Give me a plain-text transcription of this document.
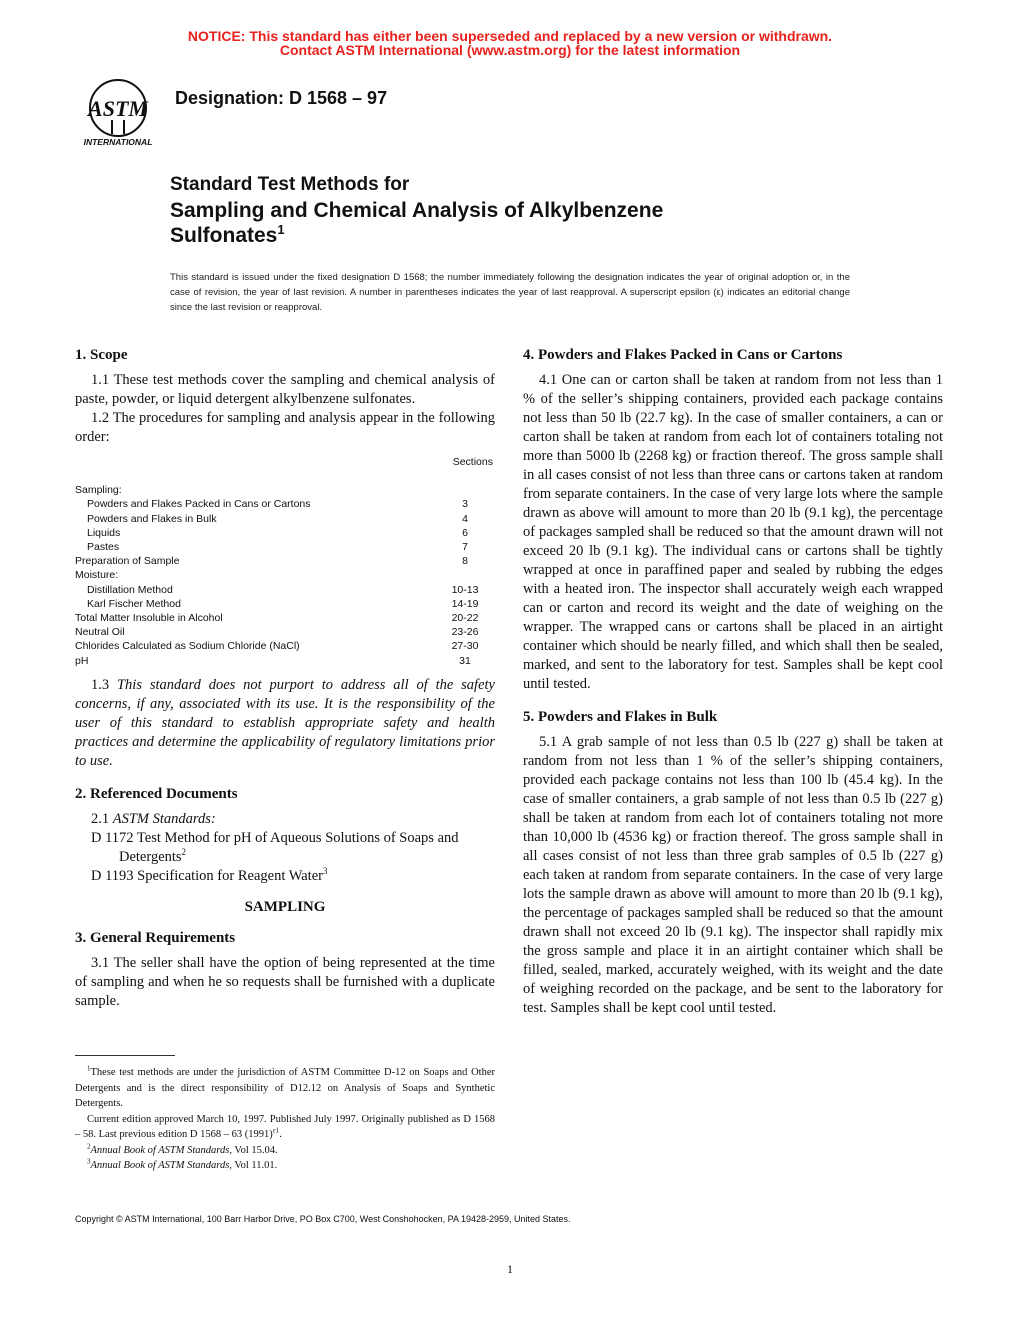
NOTICE: This standard has either been superseded and replaced by a new version or withdrawn.
Contact ASTM International (www.astm.org) for the latest information
ASTM
INTERNATIONAL
Designation: D 1568 – 97
Standard Test Methods for
Sampling and Chemical Analysis of Alkylbenzene
Sulfonates$^1$
This standard is issued under the fixed designation D 1568; the number immediately following the designation indicates the year of original adoption or, in the case of revision, the year of last revision. A number in parentheses indicates the year of last reapproval. A superscript epsilon (ε) indicates an editorial change since the last revision or reapproval.
1. Scope

1.1 These test methods cover the sampling and chemical analysis of paste, powder, or liquid detergent alkylbenzene sulfonates.

1.2 The procedures for sampling and analysis appear in the following order:

Sections
Sampling:
Powders and Flakes Packed in Cans or Cartons	3
Powders and Flakes in Bulk	4
Liquids	6
Pastes	7
Preparation of Sample	8
Moisture:
Distillation Method	10-13
Karl Fischer Method	14-19
Total Matter Insoluble in Alcohol	20-22
Neutral Oil	23-26
Chlorides Calculated as Sodium Chloride (NaCl)	27-30
pH	31

1.3 This standard does not purport to address all of the safety concerns, if any, associated with its use. It is the responsibility of the user of this standard to establish appropriate safety and health practices and determine the applicability of regulatory limitations prior to use.

2. Referenced Documents

2.1 ASTM Standards:

D 1172 Test Method for pH of Aqueous Solutions of Soaps and Detergents$^2$

D 1193 Specification for Reagent Water$^3$

SAMPLING
3. General Requirements

3.1 The seller shall have the option of being represented at the time of sampling and when he so requests shall be furnished with a duplicate sample.

4. Powders and Flakes Packed in Cans or Cartons

4.1 One can or carton shall be taken at random from not less than 1 % of the seller’s shipping containers, provided each package contains not less than 50 lb (22.7 kg). In the case of smaller containers, a can or carton shall be taken at random from each lot of containers totaling not more than 5000 lb (2268 kg) or fraction thereof. The gross sample shall in all cases consist of not less than three cans or cartons taken at random from separate containers. In the case of very large lots where the sample drawn as above will amount to more than 20 lb (9.1 kg), the percentage of packages sampled shall be reduced so that the amount drawn will not exceed 20 lb (9.1 kg). The individual cans or cartons shall be tightly wrapped at once in paraffined paper and sealed by rubbing the edges with a heated iron. The inspector shall accurately weigh each wrapped can or carton and record its weight and the date of weighing on the wrapper. The wrapped cans or cartons shall be placed in an airtight container which should be nearly filled, and which shall then be sealed, marked, and sent to the laboratory for test. Samples shall be kept cool until tested.

5. Powders and Flakes in Bulk

5.1 A grab sample of not less than 0.5 lb (227 g) shall be taken at random from not less than 1 % of the seller’s shipping containers, provided each package contains not less than 100 lb (45.4 kg). In the case of smaller containers, a grab sample of not less than 0.5 lb (227 g) shall be taken at random from each lot of containers totaling not more than 10,000 lb (4536 kg) or fraction thereof. The gross sample shall in all cases consist of not less than three grab samples of 0.5 lb (227 g) each taken at random from separate containers. In the case of very large lots the sample drawn as above will amount to more than 20 lb (9.1 kg), the percentage of packages sampled shall be reduced so that the amount drawn shall not exceed 20 lb (9.1 kg). The inspector shall rapidly mix the gross sample and place it in an airtight container which shall be filled, sealed, marked, accurately weighed, with its weight and the date of weighing recorded on the package, and be sent to the laboratory for test. Samples shall be kept cool until tested.

$^1$These test methods are under the jurisdiction of ASTM Committee D-12 on Soaps and Other Detergents and is the direct responsibility of D12.12 on Analysis of Soaps and Synthetic Detergents.

Current edition approved March 10, 1997. Published July 1997. Originally published as D 1568 – 58. Last previous edition D 1568 – 63 $(1991)^{\varepsilon 1}$.

$^2$Annual Book of ASTM Standards, Vol 15.04.

$^3$Annual Book of ASTM Standards, Vol 11.01.

Copyright © ASTM International, 100 Barr Harbor Drive, PO Box C700, West Conshohocken, PA 19428-2959, United States.
1
